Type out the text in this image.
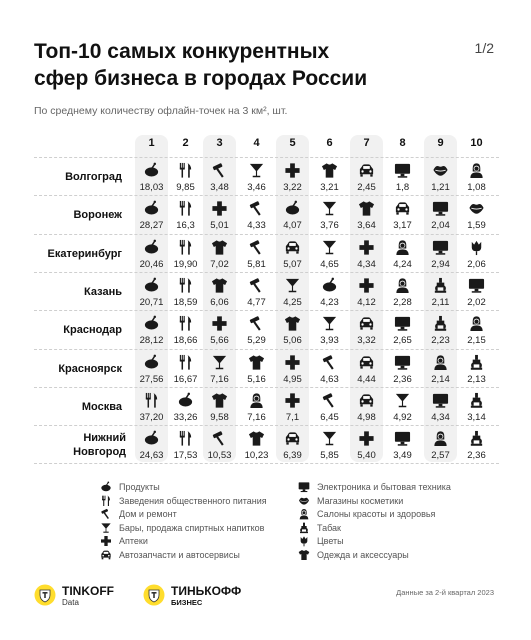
Топ-10 самых конкурентных
сфер бизнеса в городах России
1/2
По среднему количеству офлайн-точек на 3 км², шт.
1	2	3	4	5	6	7	8	9	10
Волгоград
18,03	9,85	3,48	3,46	3,22	3,21	2,45	1,8	1,21	1,08
Воронеж
28,27	16,3	5,01	4,33	4,07	3,76	3,64	3,17	2,04	1,59
Екатеринбург
20,46	19,90	7,02	5,81	5,07	4,65	4,34	4,24	2,94	2,06
Казань
20,71	18,59	6,06	4,77	4,25	4,23	4,12	2,28	2,11	2,02
Краснодар
28,12	18,66	5,66	5,29	5,06	3,93	3,32	2,65	2,23	2,15
Красноярск
27,56	16,67	7,16	5,16	4,95	4,63	4,44	2,36	2,14	2,13
Москва
37,20	33,26	9,58	7,16	7,1	6,45	4,98	4,92	4,34	3,14
Нижний Новгород	24,63	17,53	10,53	10,23	6,39	5,85	5,40	3,49	2,57	2,36
Продукты
Заведения общественного питания
Дом и ремонт
Бары, продажа спиртных напитков
Аптеки
Автозапчасти и автосервисы
Электроника и бытовая техника
Магазины косметики
Салоны красоты и здоровья
Табак
Цветы
Одежда и аксессуары
TINKOFF
Data
ТИНЬКОФФ
БИЗНЕС
Данные за 2-й квартал 2023
